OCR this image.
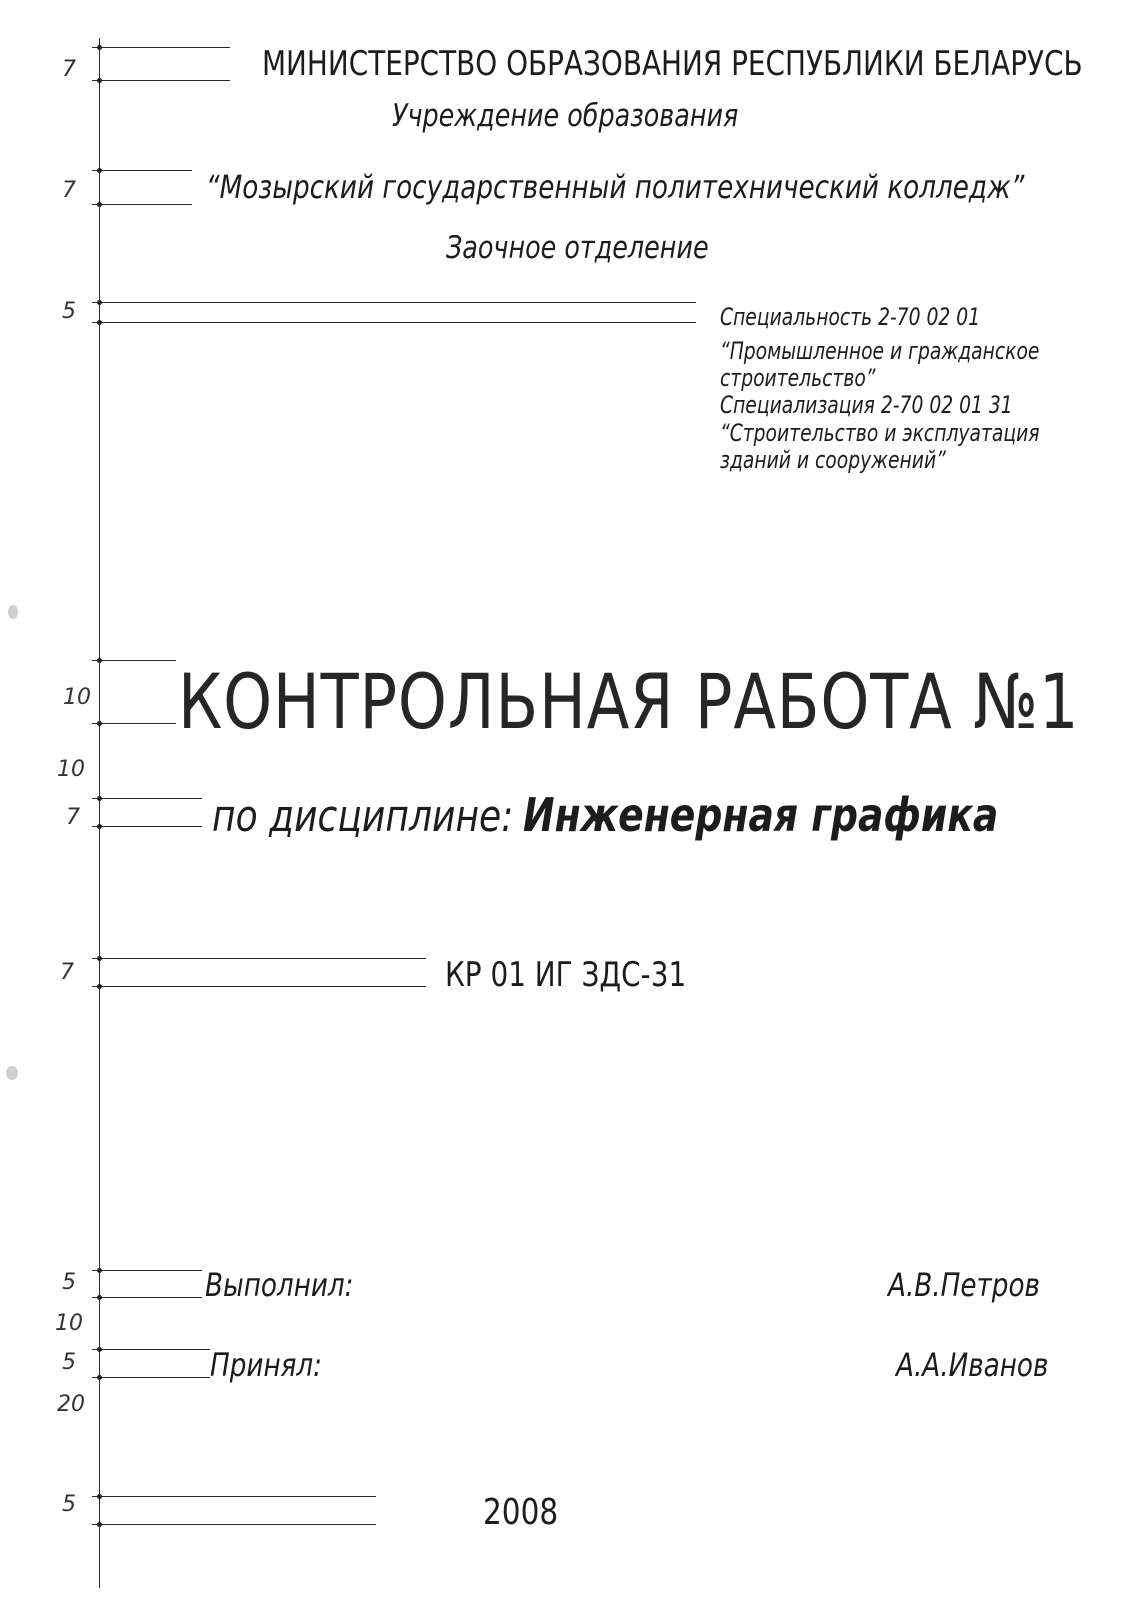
7
7
5
10
10
7
7
5
10
5
20
5
МИНИСТЕРСТВО ОБРАЗОВАНИЯ РЕСПУБЛИКИ БЕЛАРУСЬ
Учреждение образования
“Мозырский государственный политехнический колледж”
Заочное отделение
Специальность 2-70 02 01
“Промышленное и гражданское
строительство”
Специализация 2-70 02 01 31
“Строительство и эксплуатация
зданий и сооружений”
КОНТРОЛЬНАЯ РАБОТА №1
по дисциплине: Инженерная графика
КР 01 ИГ ЗДС-31
Выполнил:	А.В.Петров
Принял:	А.А.Иванов
2008
